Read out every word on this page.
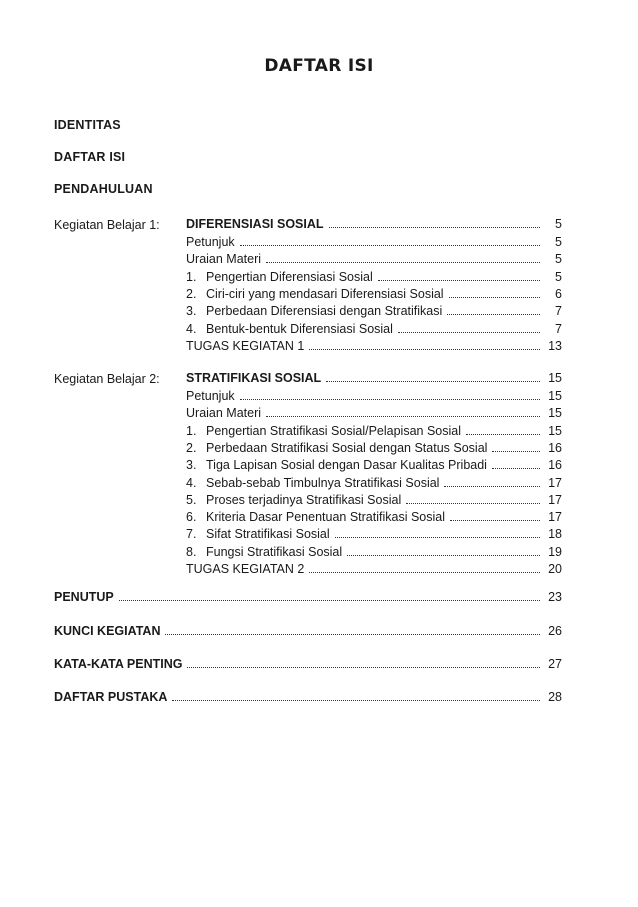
DAFTAR ISI
IDENTITAS
DAFTAR ISI
PENDAHULUAN
Kegiatan Belajar 1: DIFERENSIASI SOSIAL	5
Petunjuk	5
Uraian Materi	5
1. Pengertian Diferensiasi Sosial	5
2. Ciri-ciri yang mendasari Diferensiasi Sosial	6
3. Perbedaan Diferensiasi dengan Stratifikasi	7
4. Bentuk-bentuk Diferensiasi Sosial	7
TUGAS KEGIATAN 1	13
Kegiatan Belajar 2: STRATIFIKASI SOSIAL	15
Petunjuk	15
Uraian Materi	15
1. Pengertian Stratifikasi Sosial/Pelapisan Sosial	15
2. Perbedaan Stratifikasi Sosial dengan Status Sosial	16
3. Tiga Lapisan Sosial dengan Dasar Kualitas Pribadi	16
4. Sebab-sebab Timbulnya Stratifikasi Sosial	17
5. Proses terjadinya Stratifikasi Sosial	17
6. Kriteria Dasar Penentuan Stratifikasi Sosial	17
7. Sifat Stratifikasi Sosial	18
8. Fungsi Stratifikasi Sosial	19
TUGAS KEGIATAN 2	20
PENUTUP	23
KUNCI KEGIATAN	26
KATA-KATA PENTING	27
DAFTAR PUSTAKA	28
